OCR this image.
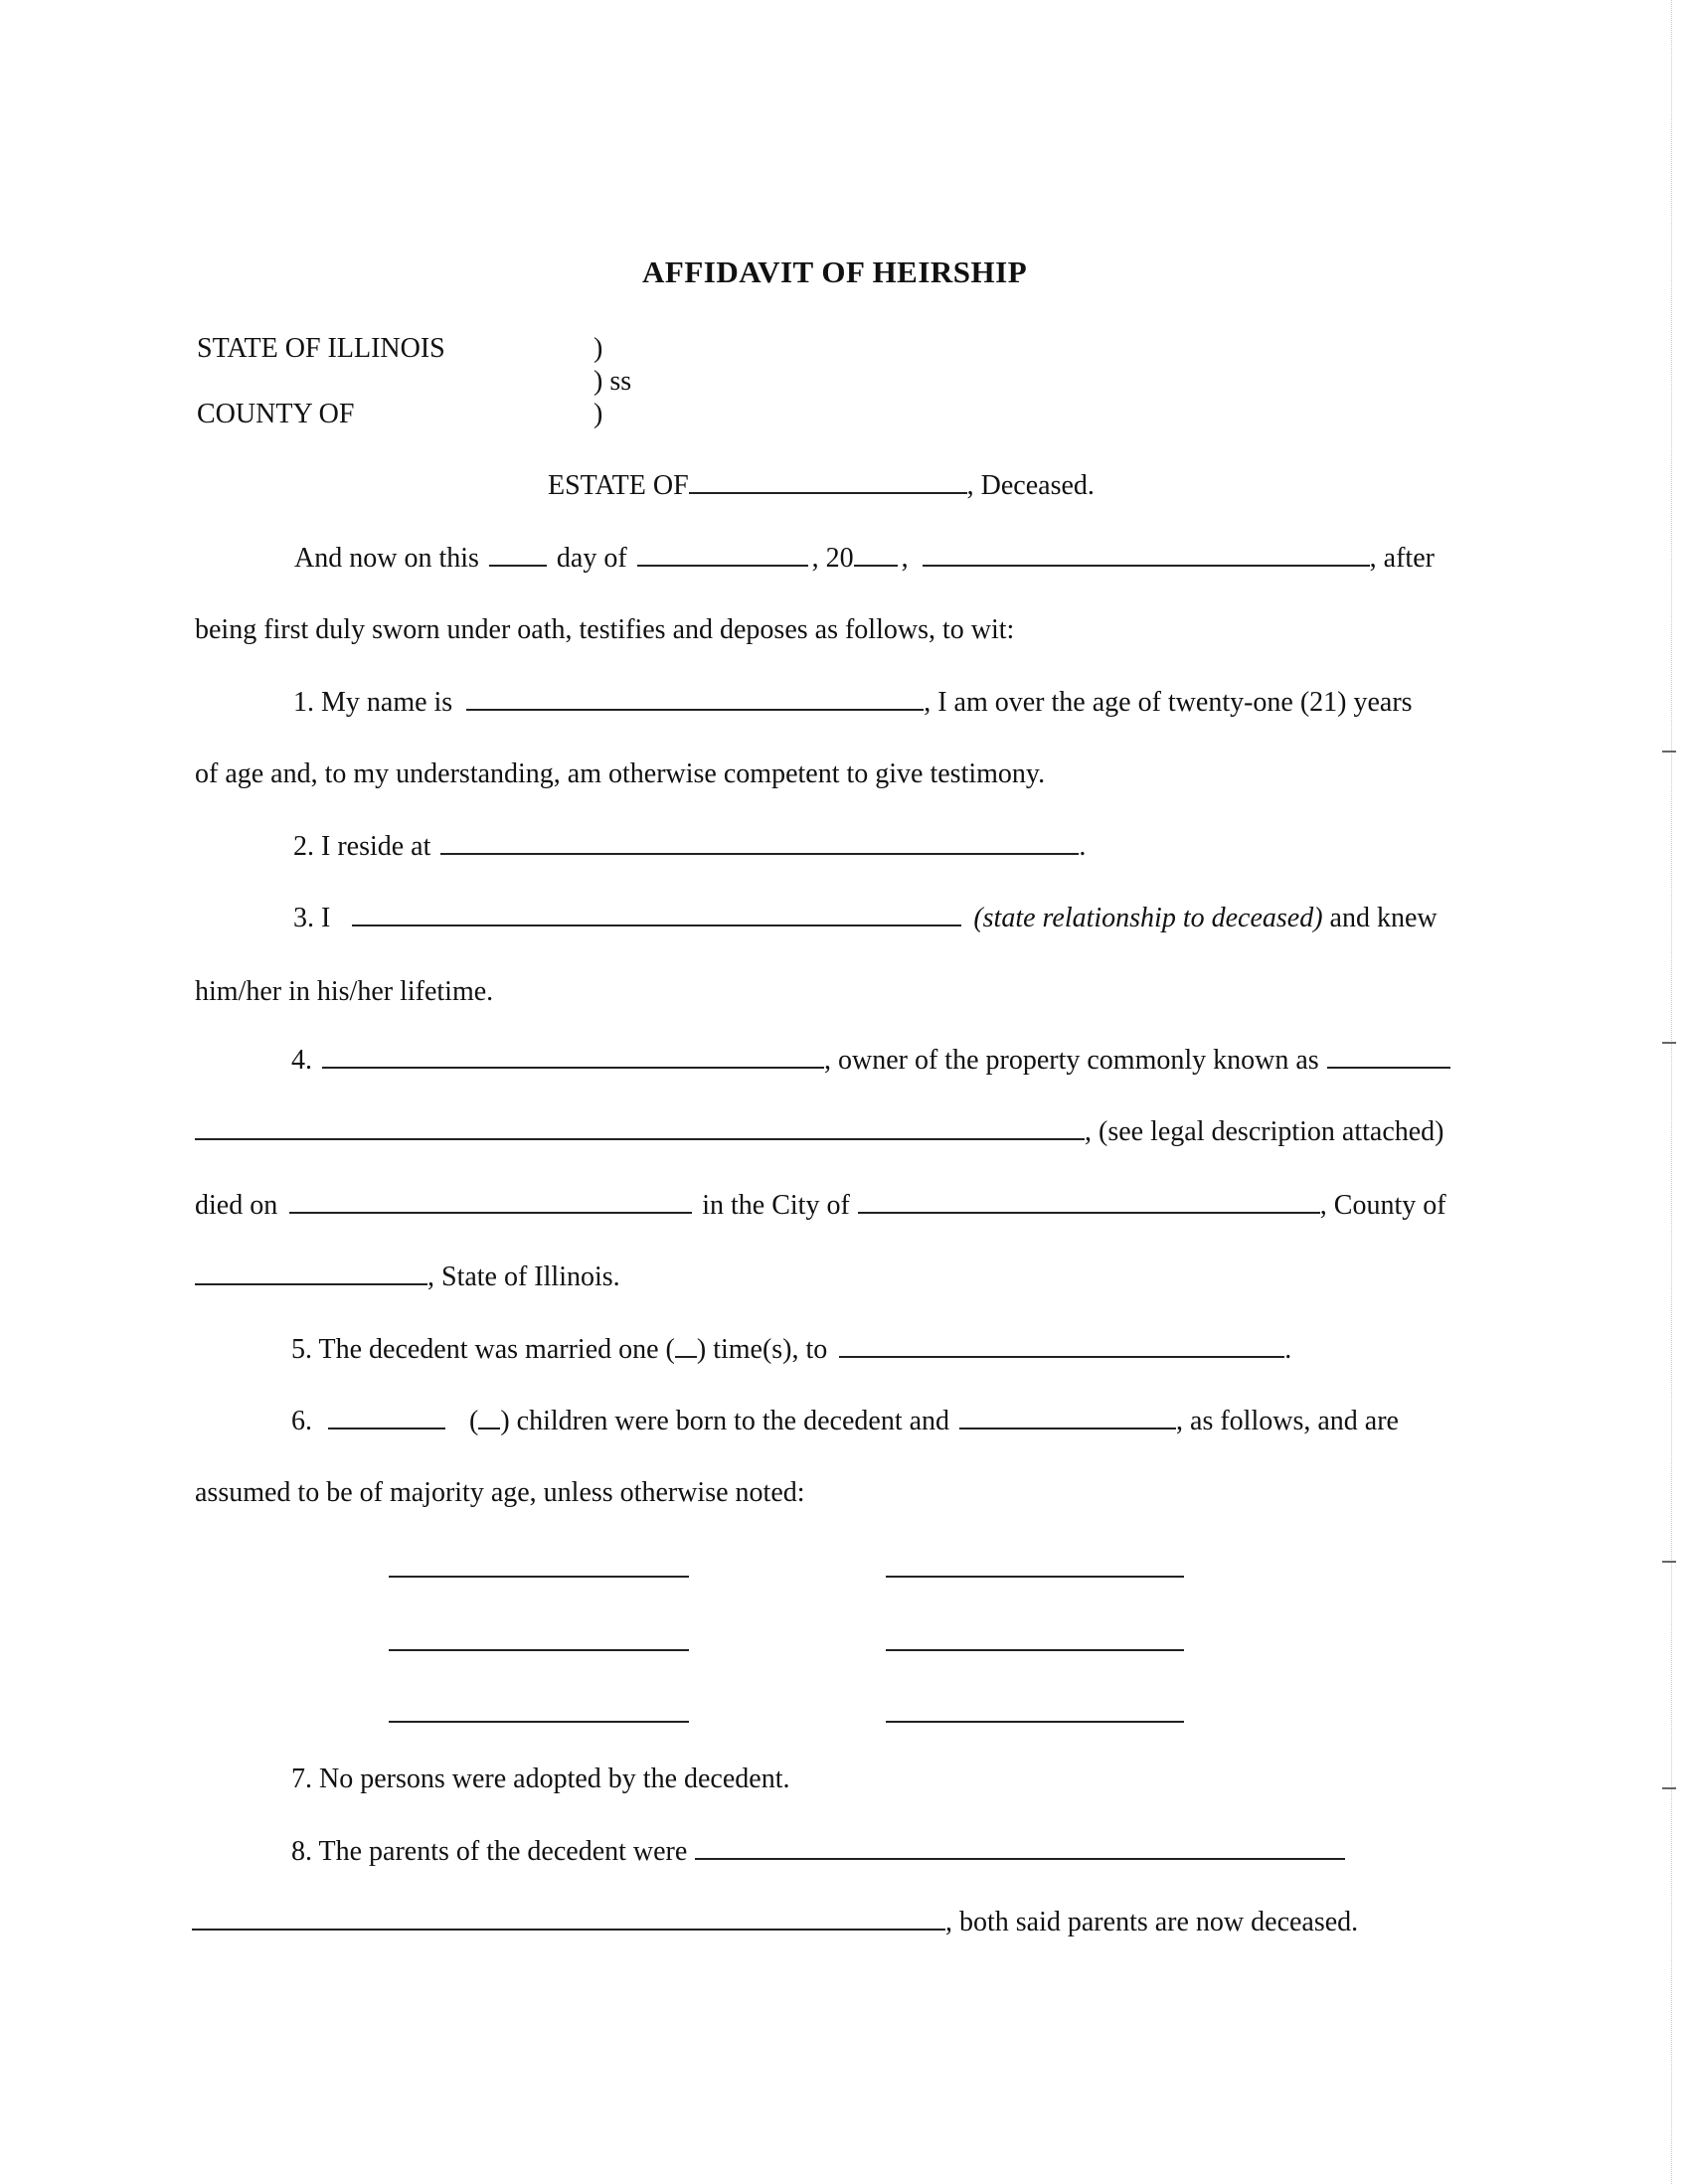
AFFIDAVIT OF HEIRSHIP
STATE OF ILLINOIS
COUNTY OF
)
) ss
)
ESTATE OF	, Deceased.
And now on this	day of	, 20 ,	, after
being first duly sworn under oath, testifies and deposes as follows, to wit:
1. My name is	, I am over the age of twenty-one (21) years
of age and, to my understanding, am otherwise competent to give testimony.
2. I reside at	.
3. I	(state relationship to deceased) and knew
him/her in his/her lifetime.
4.	, owner of the property commonly known as
, (see legal description attached)
died on	in the City of	, County of
, State of Illinois.
5. The decedent was married one ( ) time(s), to	.
6.	( ) children were born to the decedent and	, as follows, and are
assumed to be of majority age, unless otherwise noted:
7. No persons were adopted by the decedent.
8. The parents of the decedent were
, both said parents are now deceased.
